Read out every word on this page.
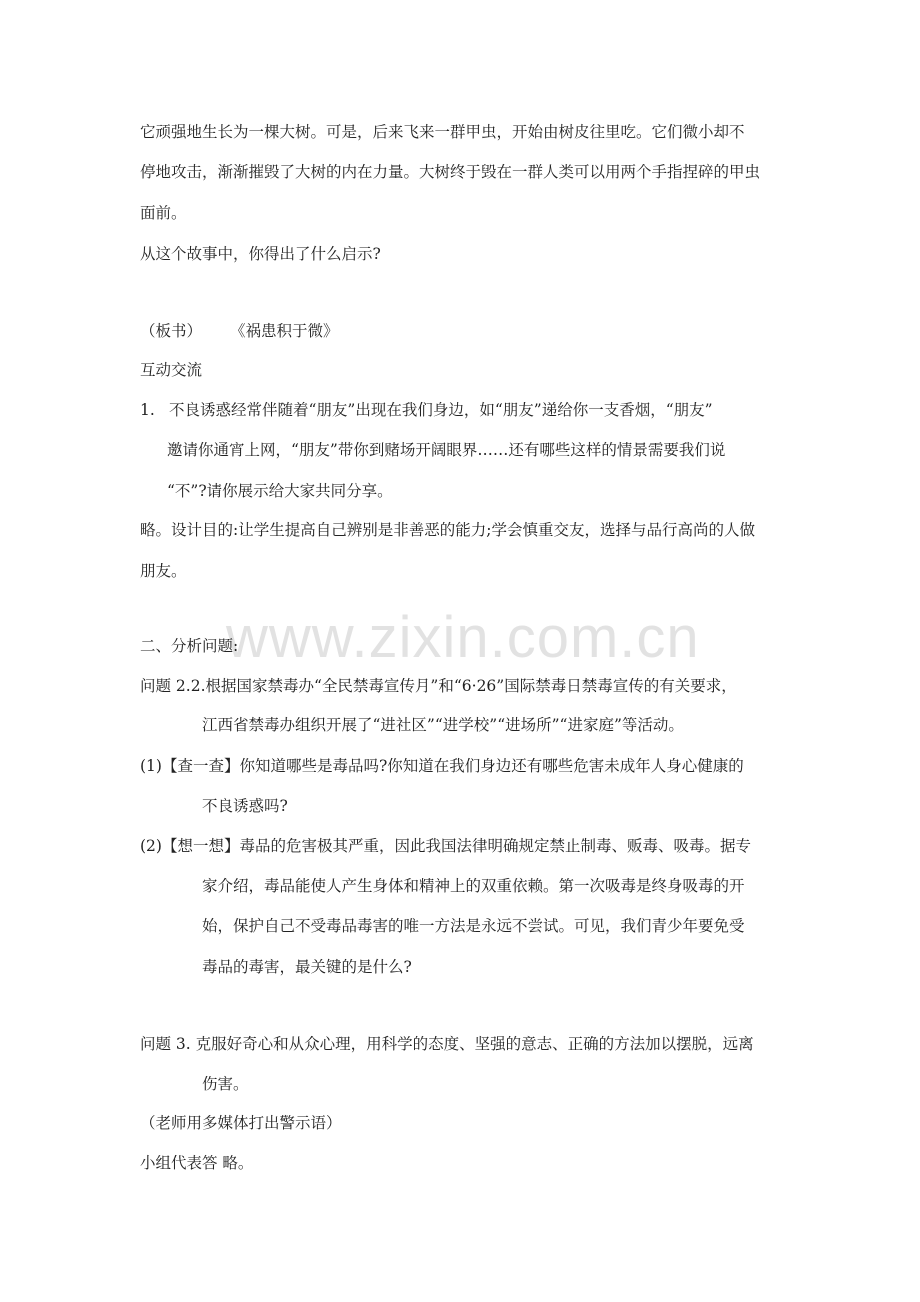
它顽强地生长为一棵大树。可是，后来飞来一群甲虫，开始由树皮往里吃。它们微小却不
停地攻击，渐渐摧毁了大树的内在力量。大树终于毁在一群人类可以用两个手指捏碎的甲虫
面前。
从这个故事中，你得出了什么启示?
（板书） 《祸患积于微》
互动交流
1. 不良诱惑经常伴随着“朋友”出现在我们身边，如“朋友”递给你一支香烟，“朋友”
邀请你通宵上网，“朋友”带你到赌场开阔眼界……还有哪些这样的情景需要我们说
“不”?请你展示给大家共同分享。
略。设计目的:让学生提高自己辨别是非善恶的能力;学会慎重交友，选择与品行高尚的人做
朋友。
www.zixin.com.cn
二、分析问题:
问题 2.2.根据国家禁毒办“全民禁毒宣传月”和“6·26”国际禁毒日禁毒宣传的有关要求，
江西省禁毒办组织开展了“进社区”“进学校”“进场所”“进家庭”等活动。
(1)【查一查】你知道哪些是毒品吗?你知道在我们身边还有哪些危害未成年人身心健康的
不良诱惑吗?
(2)【想一想】毒品的危害极其严重，因此我国法律明确规定禁止制毒、贩毒、吸毒。据专
家介绍，毒品能使人产生身体和精神上的双重依赖。第一次吸毒是终身吸毒的开
始，保护自己不受毒品毒害的唯一方法是永远不尝试。可见，我们青少年要免受
毒品的毒害，最关键的是什么?
问题 3. 克服好奇心和从众心理，用科学的态度、坚强的意志、正确的方法加以摆脱，远离
伤害。
（老师用多媒体打出警示语）
小组代表答 略。
